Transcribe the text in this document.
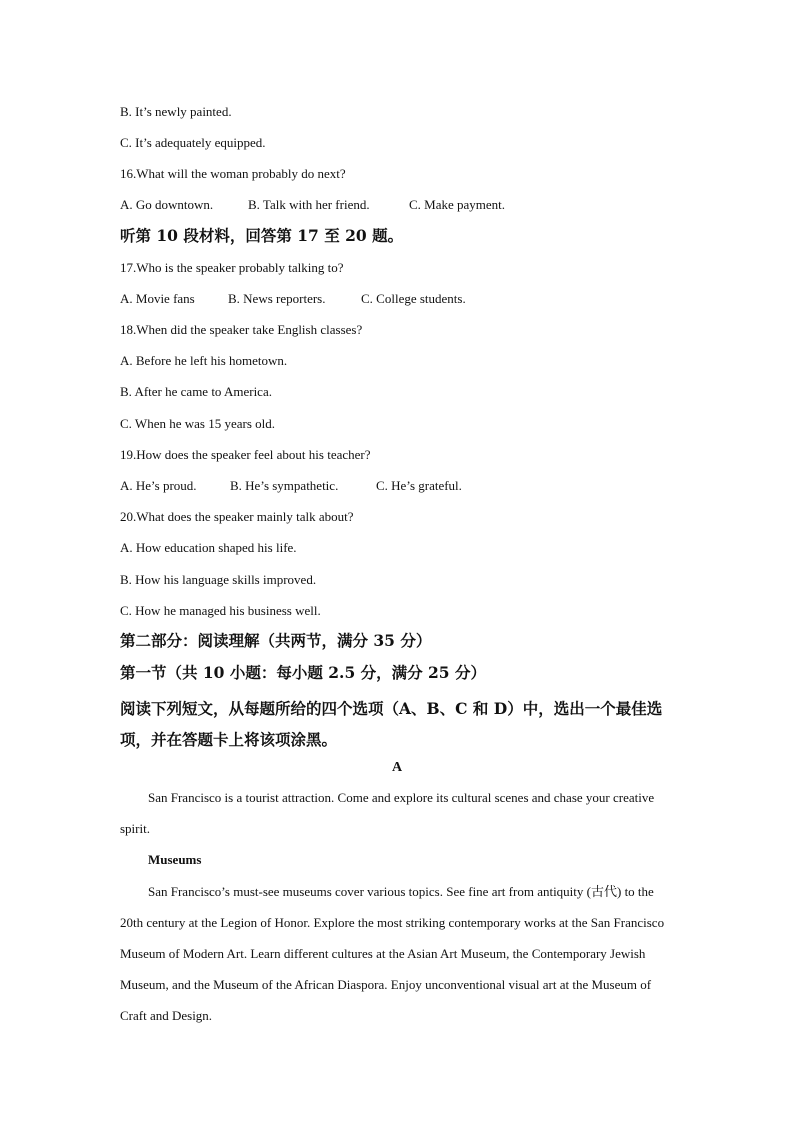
B. It’s newly painted.
C. It’s adequately equipped.
16.What will the woman probably do next?
A. Go downtown.	B. Talk with her friend.	C. Make payment.
听第 10 段材料，回答第 17 至 20 题。
17.Who is the speaker probably talking to?
A. Movie fans	B. News reporters.	C. College students.
18.When did the speaker take English classes?
A. Before he left his hometown.
B. After he came to America.
C. When he was 15 years old.
19.How does the speaker feel about his teacher?
A. He’s proud.	B. He’s sympathetic.	C. He’s grateful.
20.What does the speaker mainly talk about?
A. How education shaped his life.
B. How his language skills improved.
C. How he managed his business well.
第二部分：阅读理解（共两节，满分 35 分）
第一节（共 10 小题：每小题 2.5 分，满分 25 分）
阅读下列短文，从每题所给的四个选项（A、B、C 和 D）中，选出一个最佳选项，并在答题卡上将该项涂黑。
A
San Francisco is a tourist attraction. Come and explore its cultural scenes and chase your creative spirit.
Museums
San Francisco’s must-see museums cover various topics. See fine art from antiquity (古代) to the 20th century at the Legion of Honor. Explore the most striking contemporary works at the San Francisco Museum of Modern Art. Learn different cultures at the Asian Art Museum, the Contemporary Jewish Museum, and the Museum of the African Diaspora. Enjoy unconventional visual art at the Museum of Craft and Design.
